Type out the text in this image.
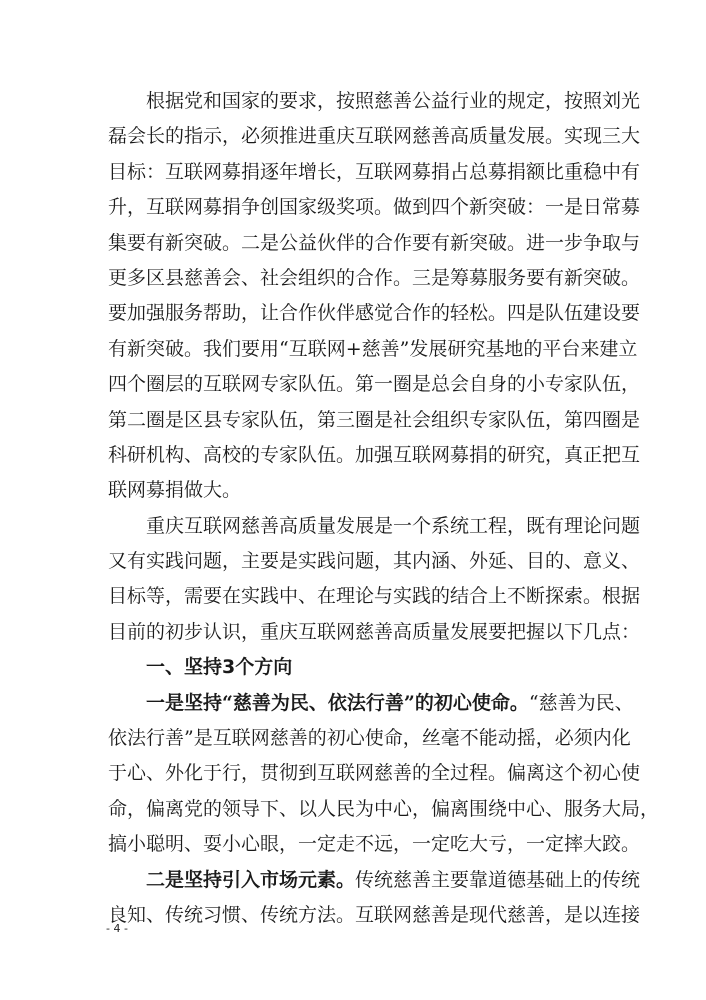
根据党和国家的要求，按照慈善公益行业的规定，按照刘光
磊会长的指示，必须推进重庆互联网慈善高质量发展。实现三大
目标：互联网募捐逐年增长，互联网募捐占总募捐额比重稳中有
升，互联网募捐争创国家级奖项。做到四个新突破：一是日常募
集要有新突破。二是公益伙伴的合作要有新突破。进一步争取与
更多区县慈善会、社会组织的合作。三是筹募服务要有新突破。
要加强服务帮助，让合作伙伴感觉合作的轻松。四是队伍建设要
有新突破。我们要用“互联网+慈善”发展研究基地的平台来建立
四个圈层的互联网专家队伍。第一圈是总会自身的小专家队伍，
第二圈是区县专家队伍，第三圈是社会组织专家队伍，第四圈是
科研机构、高校的专家队伍。加强互联网募捐的研究，真正把互
联网募捐做大。
重庆互联网慈善高质量发展是一个系统工程，既有理论问题
又有实践问题，主要是实践问题，其内涵、外延、目的、意义、
目标等，需要在实践中、在理论与实践的结合上不断探索。根据
目前的初步认识，重庆互联网慈善高质量发展要把握以下几点：
一、坚持3个方向
一是坚持“慈善为民、依法行善”的初心使命。“慈善为民、
依法行善”是互联网慈善的初心使命，丝毫不能动摇，必须内化
于心、外化于行，贯彻到互联网慈善的全过程。偏离这个初心使
命，偏离党的领导下、以人民为中心，偏离围绕中心、服务大局，
搞小聪明、耍小心眼，一定走不远，一定吃大亏，一定摔大跤。
二是坚持引入市场元素。传统慈善主要靠道德基础上的传统
良知、传统习惯、传统方法。互联网慈善是现代慈善，是以连接
- 4 -
